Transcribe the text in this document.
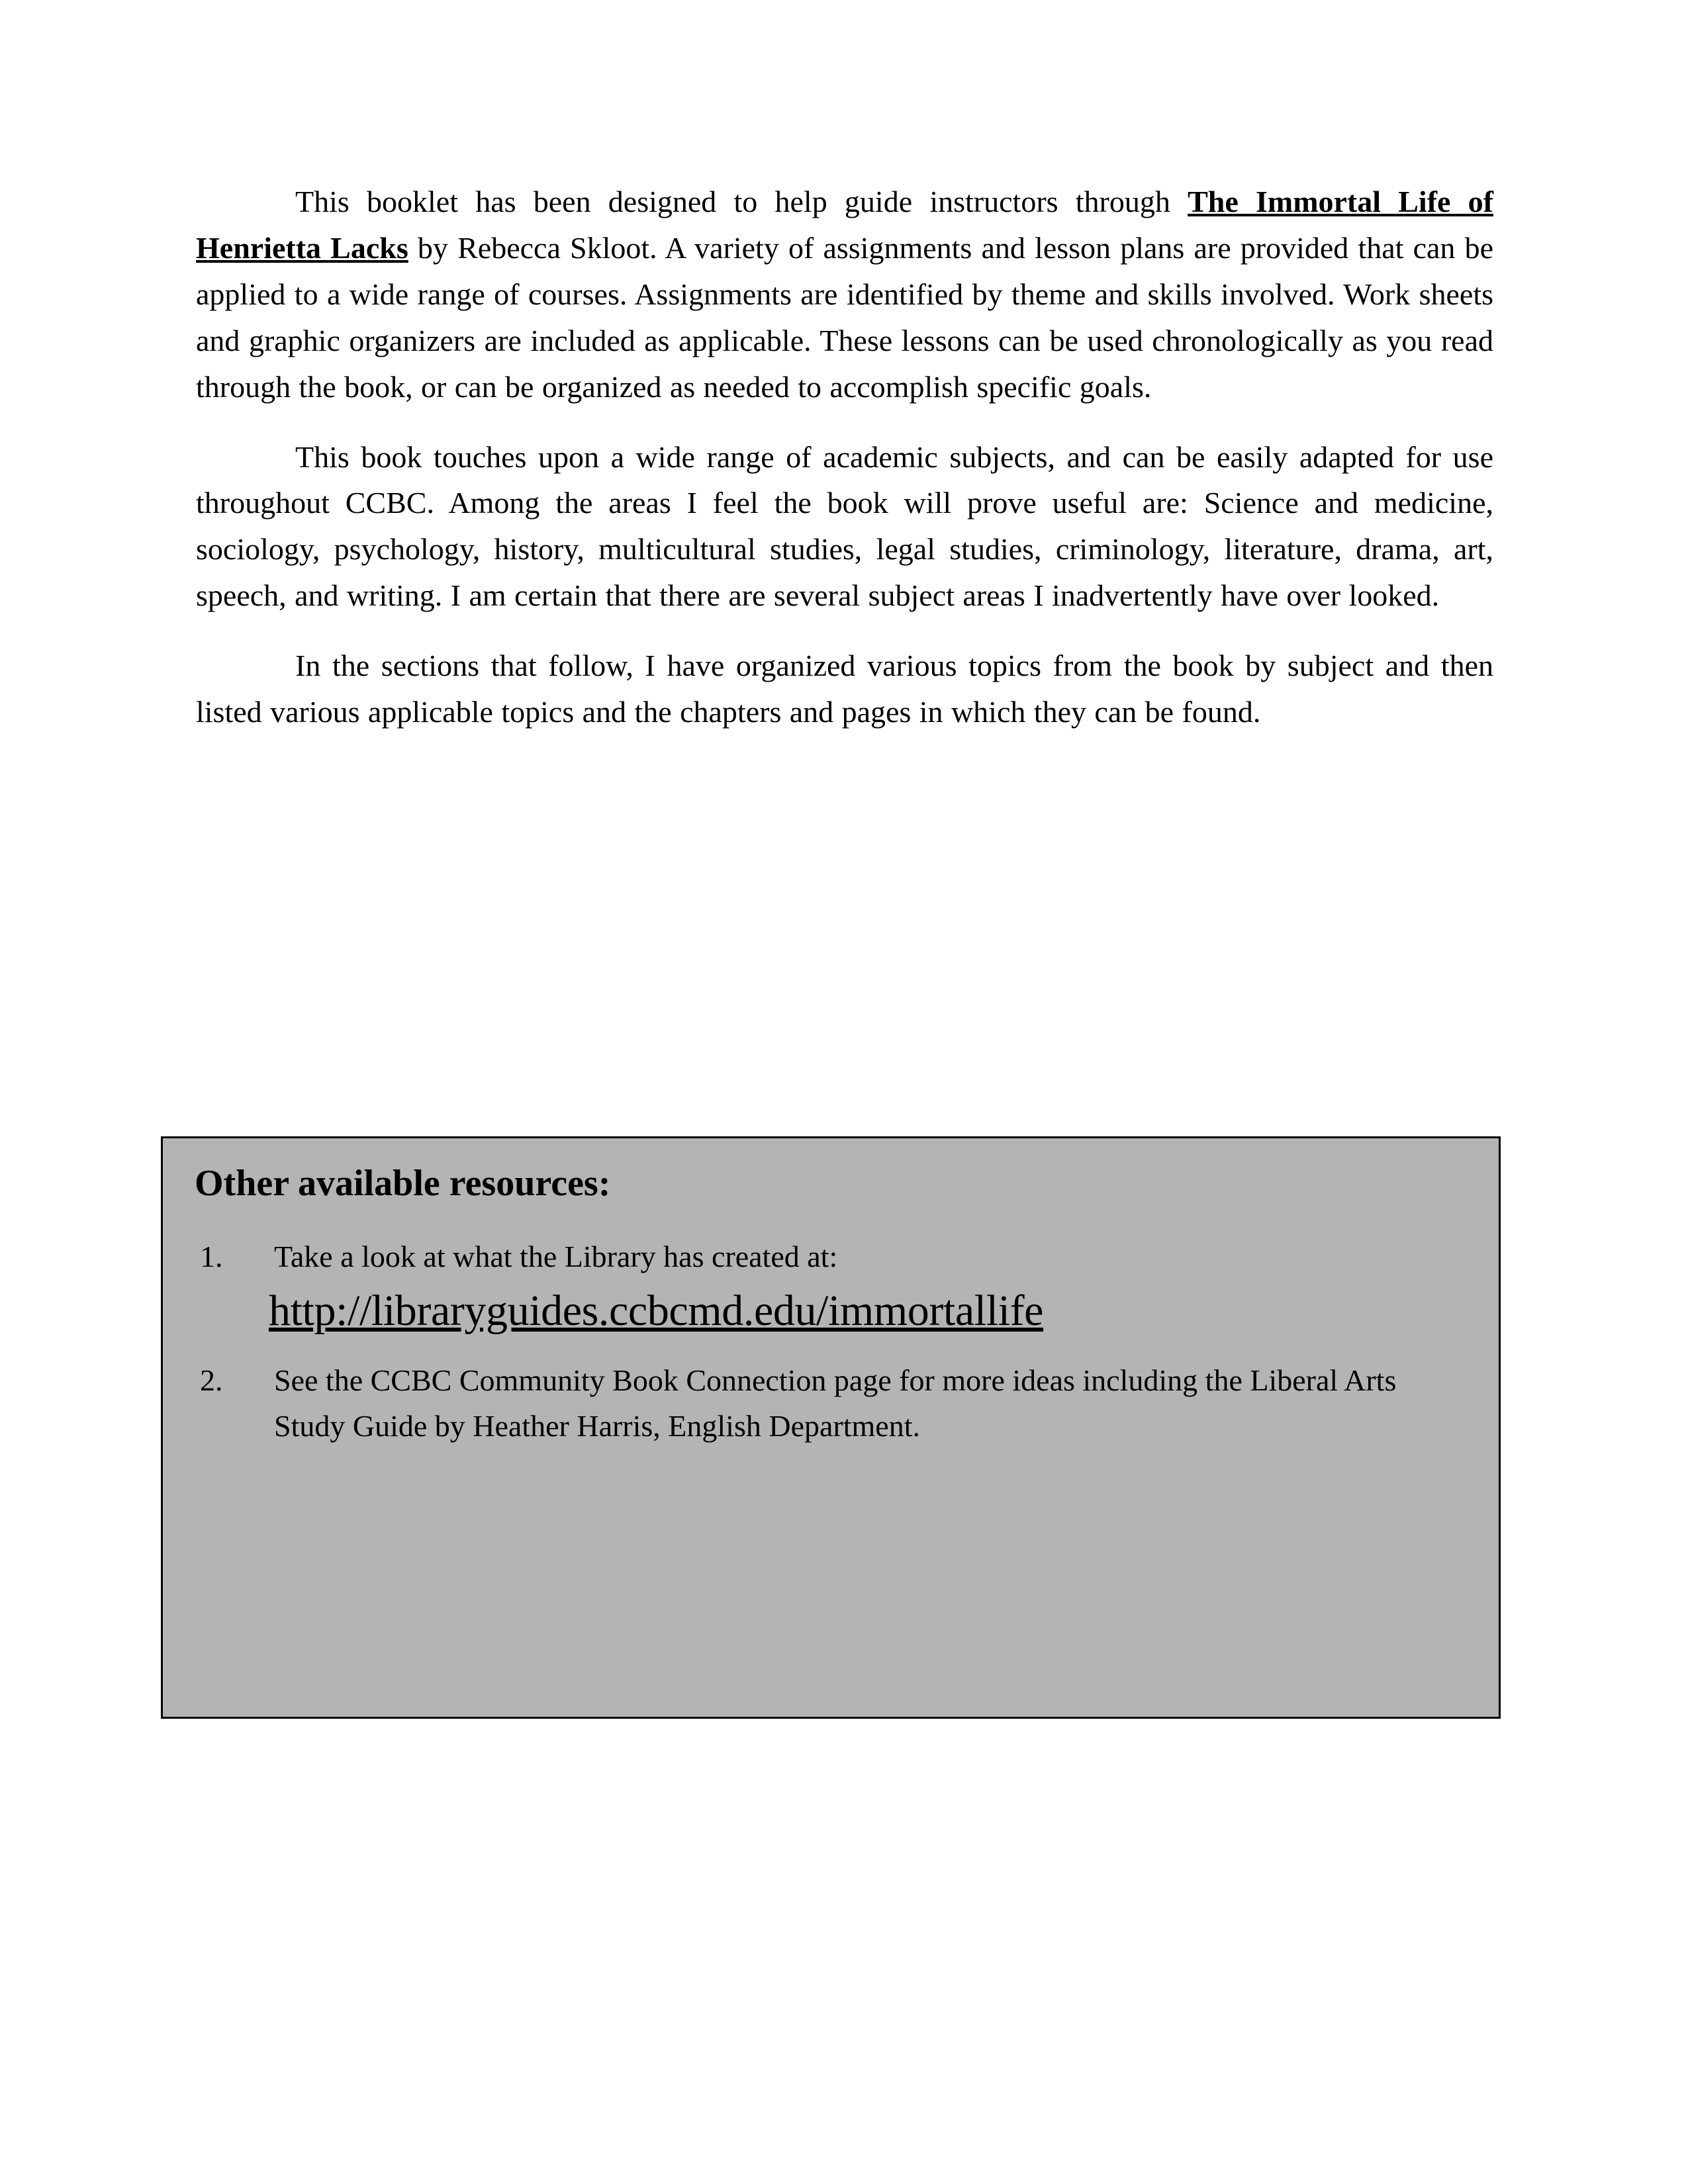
This booklet has been designed to help guide instructors through The Immortal Life of Henrietta Lacks by Rebecca Skloot. A variety of assignments and lesson plans are provided that can be applied to a wide range of courses. Assignments are identified by theme and skills involved. Work sheets and graphic organizers are included as applicable. These lessons can be used chronologically as you read through the book, or can be organized as needed to accomplish specific goals.

This book touches upon a wide range of academic subjects, and can be easily adapted for use throughout CCBC. Among the areas I feel the book will prove useful are: Science and medicine, sociology, psychology, history, multicultural studies, legal studies, criminology, literature, drama, art, speech, and writing. I am certain that there are several subject areas I inadvertently have over looked.

In the sections that follow, I have organized various topics from the book by subject and then listed various applicable topics and the chapters and pages in which they can be found.

Other available resources:
1.	Take a look at what the Library has created at:
http://libraryguides.ccbcmd.edu/immortallife
2.	See the CCBC Community Book Connection page for more ideas including the Liberal Arts Study Guide by Heather Harris, English Department.
